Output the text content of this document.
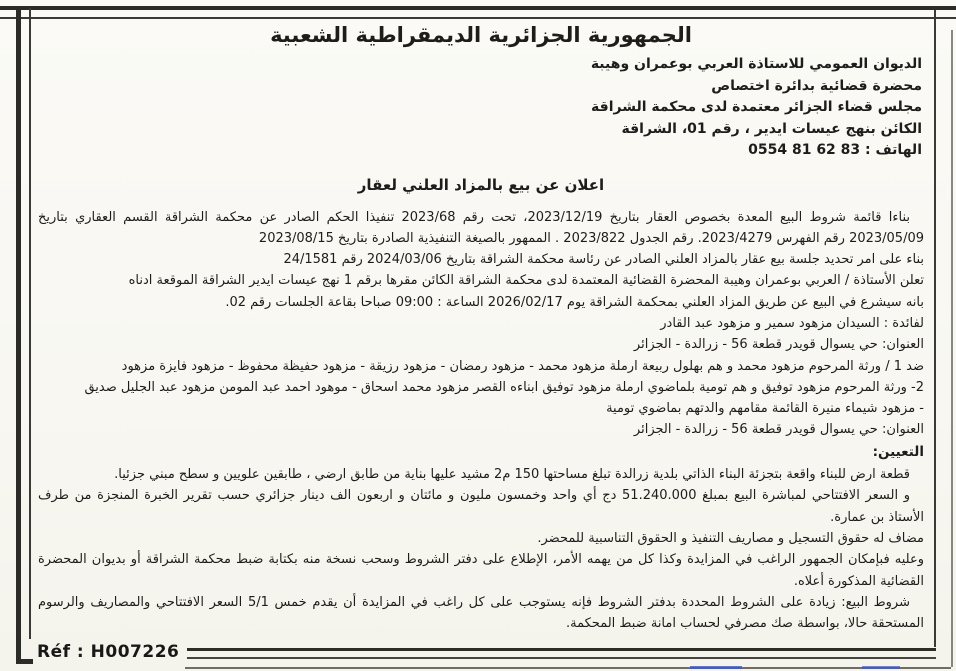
الجمهورية الجزائرية الديمقراطية الشعبية
الديوان العمومي للاستاذة العربي بوعمران وهيبة
محضرة قضائية بدائرة اختصاص
مجلس قضاء الجزائر معتمدة لدى محكمة الشراقة
الكائن بنهج عيسات ايدير ، رقم 01، الشراقة
الهاتف : 83 62 81 0554
اعلان عن بيع بالمزاد العلني لعقار

بناءا قائمة شروط البيع المعدة بخصوص العقار بتاريخ 2023/12/19، تحت رقم 2023/68 تنفيذا الحكم الصادر عن محكمة الشراقة القسم العقاري بتاريخ 2023/05/09 رقم الفهرس 2023/4279. رقم الجدول 2023/822 . الممهور بالصيغة التنفيذية الصادرة بتاريخ 2023/08/15

بناء على امر تحديد جلسة بيع عقار بالمزاد العلني الصادر عن رئاسة محكمة الشراقة بتاريخ 2024/03/06 رقم 24/1581

تعلن الأستاذة / العربي بوعمران وهيبة المحضرة القضائية المعتمدة لدى محكمة الشراقة الكائن مقرها برقم 1 نهج عيسات ايدير الشراقة الموقعة ادناه

بانه سيشرع في البيع عن طريق المزاد العلني بمحكمة الشراقة يوم 2026/02/17 الساعة : 09:00 صباحا بقاعة الجلسات رقم 02.

لفائدة : السيدان مزهود سمير و مزهود عبد القادر

العنوان: حي يسوال قويدر قطعة 56 - زرالدة - الجزائر

ضد 1 / ورثة المرحوم مزهود محمد و هم بهلول ربيعة ارملة مزهود محمد - مزهود رمضان - مزهود رزيقة - مزهود حفيظة محفوظ - مزهود فايزة مزهود

2- ورثة المرحوم مزهود توفيق و هم تومية بلماضوي ارملة مزهود توفيق ابناءه القصر مزهود محمد اسحاق - موهود احمد عبد المومن مزهود عبد الجليل صديق

- مزهود شيماء منيرة القائمة مقامهم والدتهم بماضوي تومية

العنوان: حي يسوال قويدر قطعة 56 - زرالدة - الجزائر

التعيين:

قطعة ارض للبناء واقعة بتجزئة البناء الذاتي بلدية زرالدة تبلغ مساحتها 150 م2 مشيد عليها بناية من طابق ارضي ، طابقين علويين و سطح مبني جزئيا.

و السعر الافتتاحي لمباشرة البيع بمبلغ 51.240.000 دج أي واحد وخمسون مليون و مائتان و اربعون الف دينار جزائري حسب تقرير الخبرة المنجزة من طرف الأستاذ بن عمارة.

مضاف له حقوق التسجيل و مصاريف التنفيذ و الحقوق التناسبية للمحضر.

وعليه فبإمكان الجمهور الراغب في المزايدة وكذا كل من يهمه الأمر، الإطلاع على دفتر الشروط وسحب نسخة منه بكتابة ضبط محكمة الشراقة أو بديوان المحضرة القضائية المذكورة أعلاه.

شروط البيع: زيادة على الشروط المحددة بدفتر الشروط فإنه يستوجب على كل راغب في المزايدة أن يقدم خمس 5/1 السعر الافتتاحي والمصاريف والرسوم المستحقة حالا، بواسطة صك مصرفي لحساب امانة ضبط المحكمة.

Réf : H007226
